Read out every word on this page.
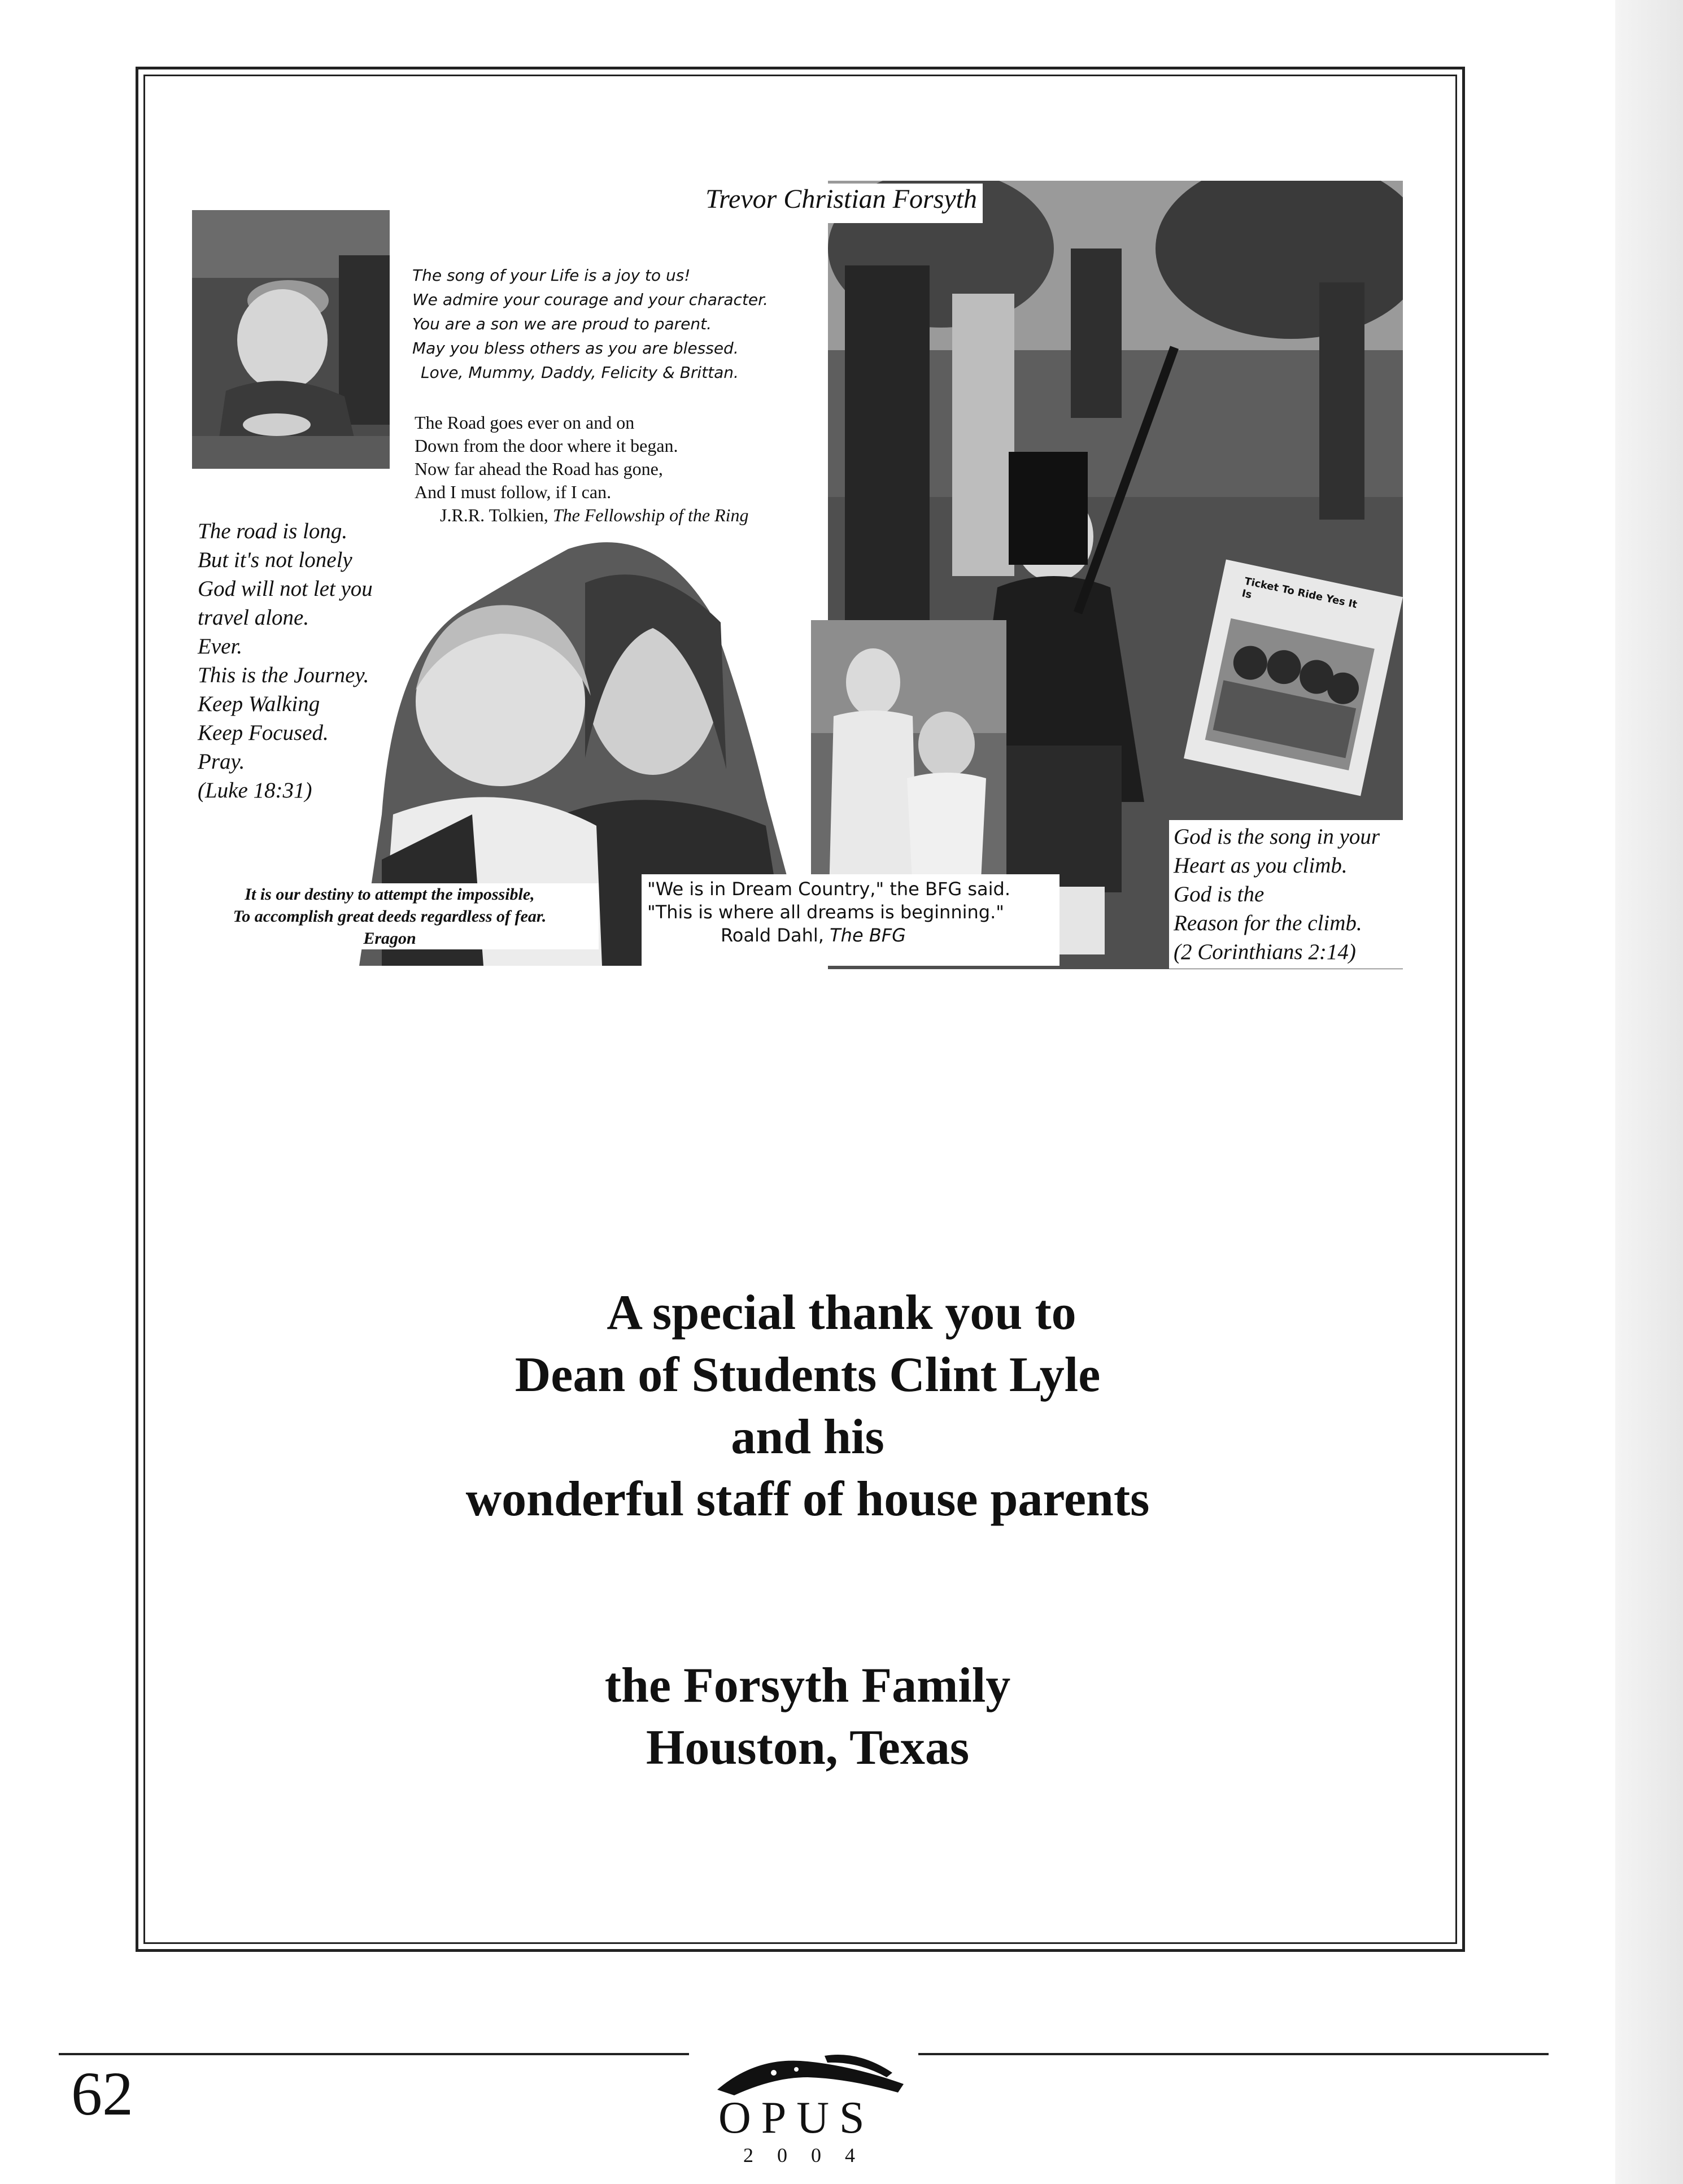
Ticket To Ride Yes It Is
Trevor Christian Forsyth
The song of your Life is a joy to us!
We admire your courage and your character.
You are a son we are proud to parent.
May you bless others as you are blessed.
Love, Mummy, Daddy, Felicity & Brittan.
The Road goes ever on and on
Down from the door where it began.
Now far ahead the Road has gone,
And I must follow, if I can.
J.R.R. Tolkien, The Fellowship of the Ring
The road is long.
But it's not lonely
God will not let you
travel alone.
Ever.
This is the Journey.
Keep Walking
Keep Focused.
Pray.
(Luke 18:31)
It is our destiny to attempt the impossible,
To accomplish great deeds regardless of fear.
Eragon
"We is in Dream Country," the BFG said.
"This is where all dreams is beginning."
Roald Dahl, The BFG
God is the song in your
Heart as you climb.
God is the
Reason for the climb.
(2 Corinthians 2:14)
A special thank you to
Dean of Students Clint Lyle
and his
wonderful staff of house parents
the Forsyth Family
Houston, Texas
62	OPUS
2004
